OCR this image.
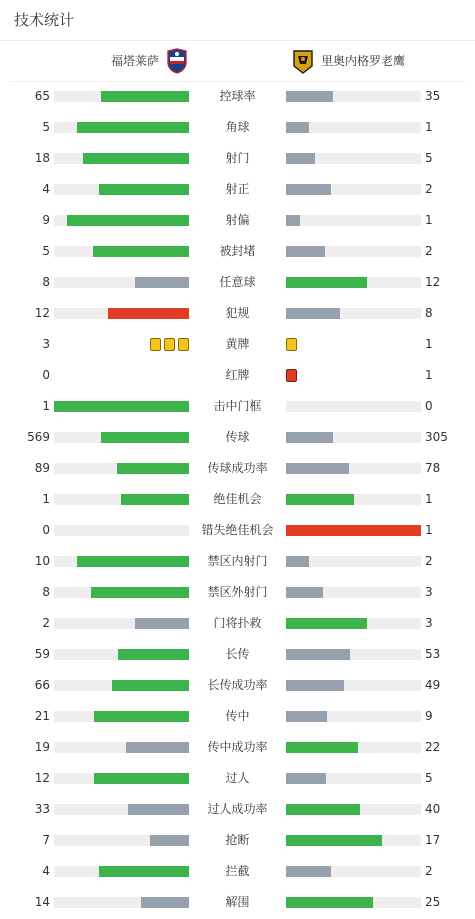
技术统计
福塔莱萨	里奥内格罗老鹰
65	控球率	35
5	角球	1
18	射门	5
4	射正	2
9	射偏	1
5	被封堵	2
8	任意球	12
12	犯规	8
3	黄牌	1
0	红牌	1
1	击中门框	0
569	传球	305
89	传球成功率	78
1	绝佳机会	1
0	错失绝佳机会	1
10	禁区内射门	2
8	禁区外射门	3
2	门将扑救	3
59	长传	53
66	长传成功率	49
21	传中	9
19	传中成功率	22
12	过人	5
33	过人成功率	40
7	抢断	17
4	拦截	2
14	解围	25
